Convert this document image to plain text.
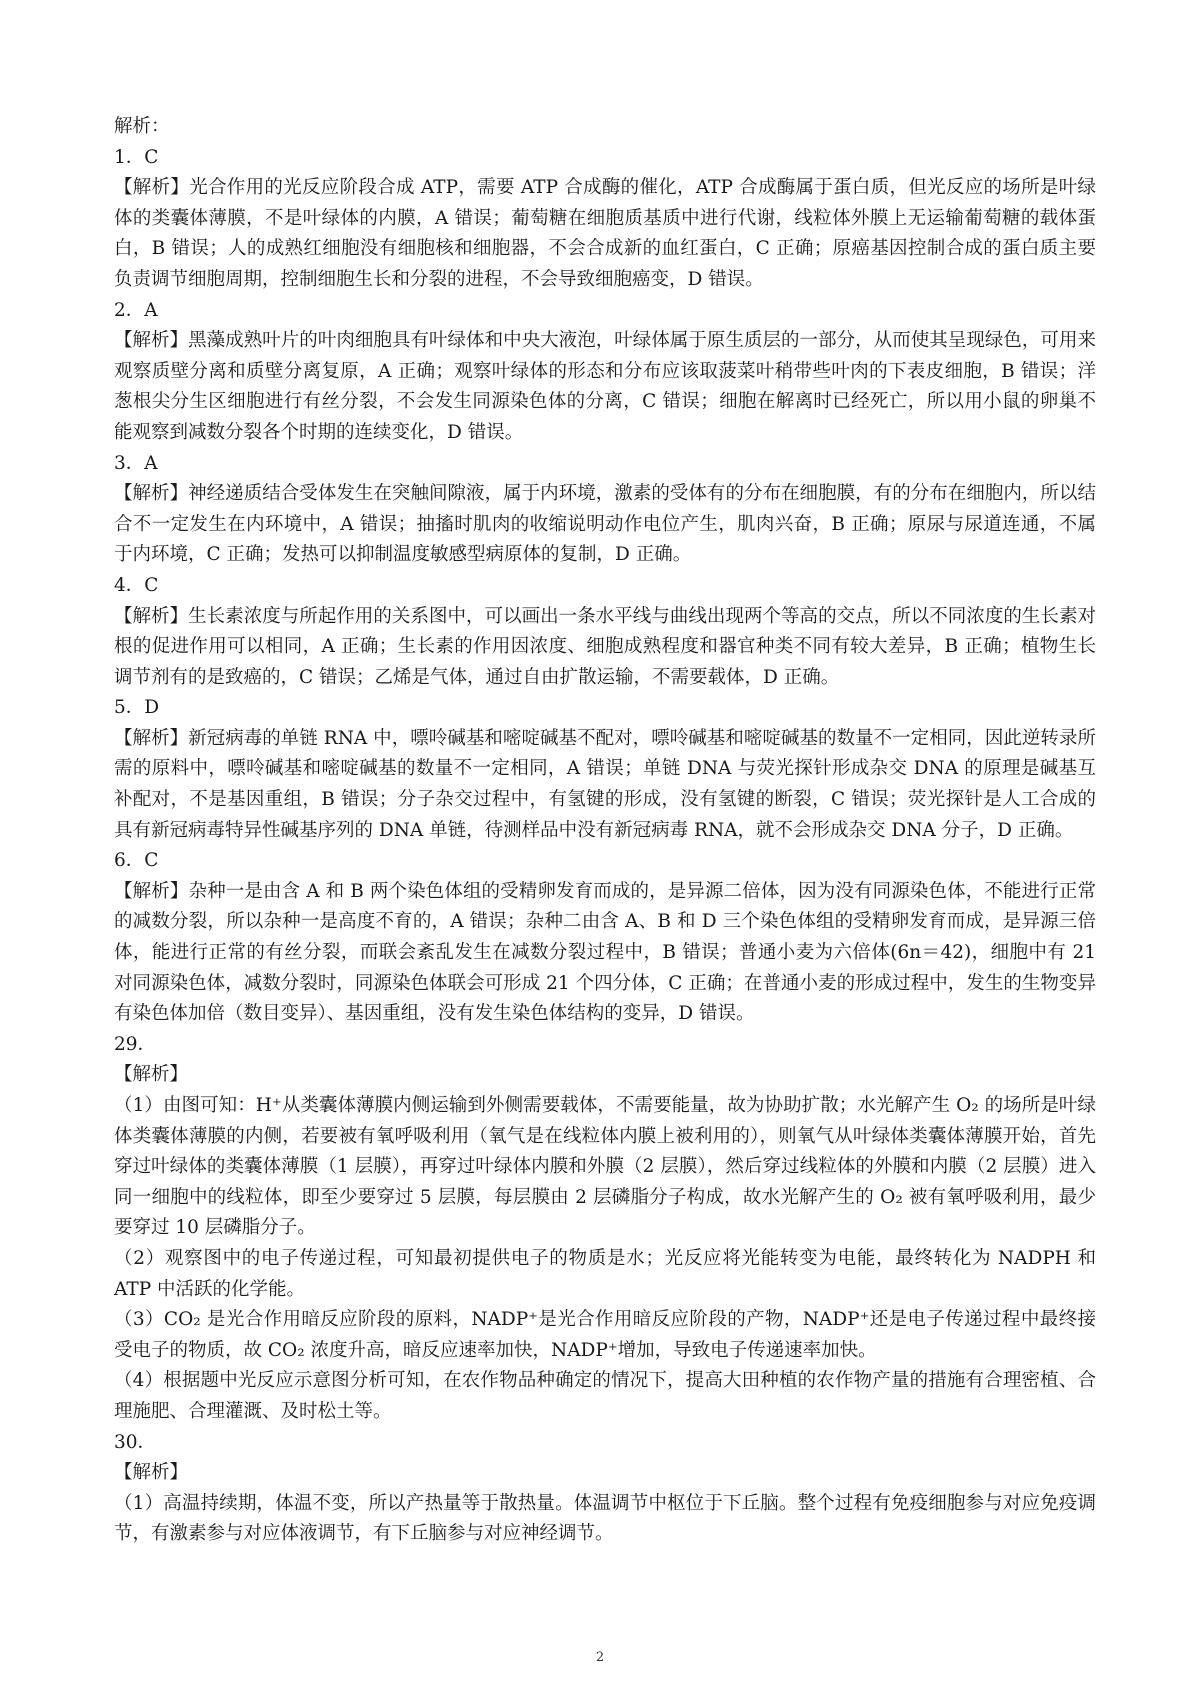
解析：

1．C

【解析】光合作用的光反应阶段合成 ATP，需要 ATP 合成酶的催化，ATP 合成酶属于蛋白质，但光反应的场所是叶绿体的类囊体薄膜，不是叶绿体的内膜，A 错误；葡萄糖在细胞质基质中进行代谢，线粒体外膜上无运输葡萄糖的载体蛋白，B 错误；人的成熟红细胞没有细胞核和细胞器，不会合成新的血红蛋白，C 正确；原癌基因控制合成的蛋白质主要负责调节细胞周期，控制细胞生长和分裂的进程，不会导致细胞癌变，D 错误。

2．A

【解析】黑藻成熟叶片的叶肉细胞具有叶绿体和中央大液泡，叶绿体属于原生质层的一部分，从而使其呈现绿色，可用来观察质壁分离和质壁分离复原，A 正确；观察叶绿体的形态和分布应该取菠菜叶稍带些叶肉的下表皮细胞，B 错误；洋葱根尖分生区细胞进行有丝分裂，不会发生同源染色体的分离，C 错误；细胞在解离时已经死亡，所以用小鼠的卵巢不能观察到减数分裂各个时期的连续变化，D 错误。

3．A

【解析】神经递质结合受体发生在突触间隙液，属于内环境，激素的受体有的分布在细胞膜，有的分布在细胞内，所以结合不一定发生在内环境中，A 错误；抽搐时肌肉的收缩说明动作电位产生，肌肉兴奋，B 正确；原尿与尿道连通，不属于内环境，C 正确；发热可以抑制温度敏感型病原体的复制，D 正确。

4．C

【解析】生长素浓度与所起作用的关系图中，可以画出一条水平线与曲线出现两个等高的交点，所以不同浓度的生长素对根的促进作用可以相同，A 正确；生长素的作用因浓度、细胞成熟程度和器官种类不同有较大差异，B 正确；植物生长调节剂有的是致癌的，C 错误；乙烯是气体，通过自由扩散运输，不需要载体，D 正确。

5．D

【解析】新冠病毒的单链 RNA 中，嘌呤碱基和嘧啶碱基不配对，嘌呤碱基和嘧啶碱基的数量不一定相同，因此逆转录所需的原料中，嘌呤碱基和嘧啶碱基的数量不一定相同，A 错误；单链 DNA 与荧光探针形成杂交 DNA 的原理是碱基互补配对，不是基因重组，B 错误；分子杂交过程中，有氢键的形成，没有氢键的断裂，C 错误；荧光探针是人工合成的具有新冠病毒特异性碱基序列的 DNA 单链，待测样品中没有新冠病毒 RNA，就不会形成杂交 DNA 分子，D 正确。

6．C

【解析】杂种一是由含 A 和 B 两个染色体组的受精卵发育而成的，是异源二倍体，因为没有同源染色体，不能进行正常的减数分裂，所以杂种一是高度不育的，A 错误；杂种二由含 A、B 和 D 三个染色体组的受精卵发育而成，是异源三倍体，能进行正常的有丝分裂，而联会紊乱发生在减数分裂过程中，B 错误；普通小麦为六倍体(6n＝42)，细胞中有 21 对同源染色体，减数分裂时，同源染色体联会可形成 21 个四分体，C 正确；在普通小麦的形成过程中，发生的生物变异有染色体加倍（数目变异）、基因重组，没有发生染色体结构的变异，D 错误。

29．

【解析】

（1）由图可知：H⁺从类囊体薄膜内侧运输到外侧需要载体，不需要能量，故为协助扩散；水光解产生 O₂ 的场所是叶绿体类囊体薄膜的内侧，若要被有氧呼吸利用（氧气是在线粒体内膜上被利用的），则氧气从叶绿体类囊体薄膜开始，首先穿过叶绿体的类囊体薄膜（1 层膜），再穿过叶绿体内膜和外膜（2 层膜），然后穿过线粒体的外膜和内膜（2 层膜）进入同一细胞中的线粒体，即至少要穿过 5 层膜，每层膜由 2 层磷脂分子构成，故水光解产生的 O₂ 被有氧呼吸利用，最少要穿过 10 层磷脂分子。

（2）观察图中的电子传递过程，可知最初提供电子的物质是水；光反应将光能转变为电能，最终转化为 NADPH 和 ATP 中活跃的化学能。

（3）CO₂ 是光合作用暗反应阶段的原料，NADP⁺是光合作用暗反应阶段的产物，NADP⁺还是电子传递过程中最终接受电子的物质，故 CO₂ 浓度升高，暗反应速率加快，NADP⁺增加，导致电子传递速率加快。

（4）根据题中光反应示意图分析可知，在农作物品种确定的情况下，提高大田种植的农作物产量的措施有合理密植、合理施肥、合理灌溉、及时松土等。

30．

【解析】

（1）高温持续期，体温不变，所以产热量等于散热量。体温调节中枢位于下丘脑。整个过程有免疫细胞参与对应免疫调节，有激素参与对应体液调节，有下丘脑参与对应神经调节。

2
